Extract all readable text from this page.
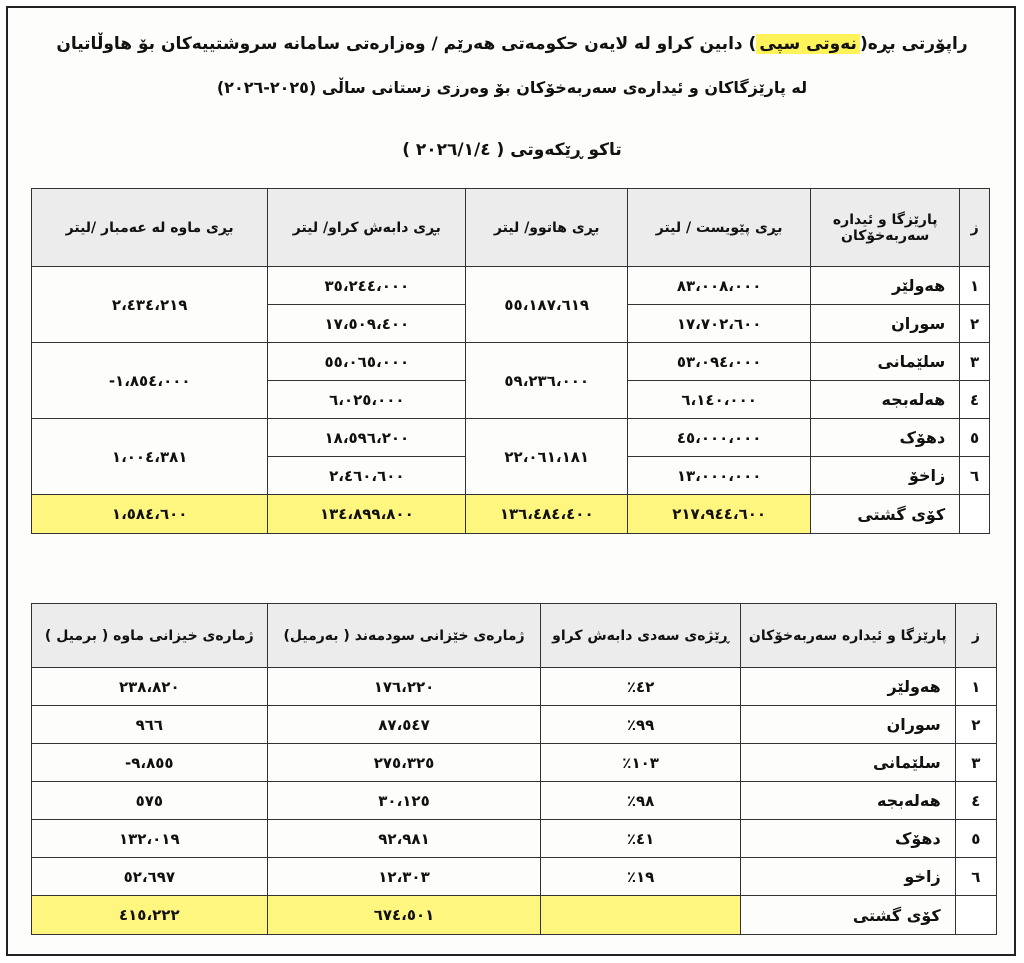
راپۆرتی بڕە(نەوتی سپی) دابین کراو لە لایەن حکومەتی هەرێم / وەزارەتی سامانە سروشتییەکان بۆ هاوڵاتیان
لە پارێزگاکان و ئیدارەی سەربەخۆکان بۆ وەرزی زستانی ساڵی (٢٠٢٥-٢٠٢٦)
تاکو ڕێکەوتی ( ٢٠٢٦/١/٤ )
ز	پارێزگا و ئیدارە سەربەخۆکان	بڕی پێویست / لیتر	بڕی هاتوو/ لیتر	بڕی دابەش کراو/ لیتر	بڕی ماوە لە عەمبار /لیتر
١	هەولێر	٨٣،٠٠٨،٠٠٠	٥٥،١٨٧،٦١٩	٣٥،٢٤٤،٠٠٠	٢،٤٣٤،٢١٩
٢	سوران	١٧،٧٠٢،٦٠٠		١٧،٥٠٩،٤٠٠	
٣	سلێمانی	٥٣،٠٩٤،٠٠٠	٥٩،٢٣٦،٠٠٠	٥٥،٠٦٥،٠٠٠	-١،٨٥٤،٠٠٠
٤	هەلەبجە	٦،١٤٠،٠٠٠		٦،٠٢٥،٠٠٠	
٥	دهۆک	٤٥،٠٠٠،٠٠٠	٢٢،٠٦١،١٨١	١٨،٥٩٦،٢٠٠	١،٠٠٤،٣٨١
٦	زاخۆ	١٣،٠٠٠،٠٠٠		٢،٤٦٠،٦٠٠	
	کۆی گشتی	٢١٧،٩٤٤،٦٠٠	١٣٦،٤٨٤،٤٠٠	١٣٤،٨٩٩،٨٠٠	١،٥٨٤،٦٠٠
ز	پارێزگا و ئیدارە سەربەخۆکان	ڕێژەی سەدی دابەش کراو	ژمارەی خێزانی سودمەند ( بەرمیل)	ژمارەی خیزانی ماوە ( برمیل )
١	هەولێر	٪٤٢	١٧٦،٢٢٠	٢٣٨،٨٢٠
٢	سوران	٪٩٩	٨٧،٥٤٧	٩٦٦
٣	سلێمانی	٪١٠٣	٢٧٥،٣٢٥	-٩،٨٥٥
٤	هەلەبجە	٪٩٨	٣٠،١٢٥	٥٧٥
٥	دهۆک	٪٤١	٩٢،٩٨١	١٣٢،٠١٩
٦	زاخو	٪١٩	١٢،٣٠٣	٥٢،٦٩٧
	کۆی گشتی		٦٧٤،٥٠١	٤١٥،٢٢٢
